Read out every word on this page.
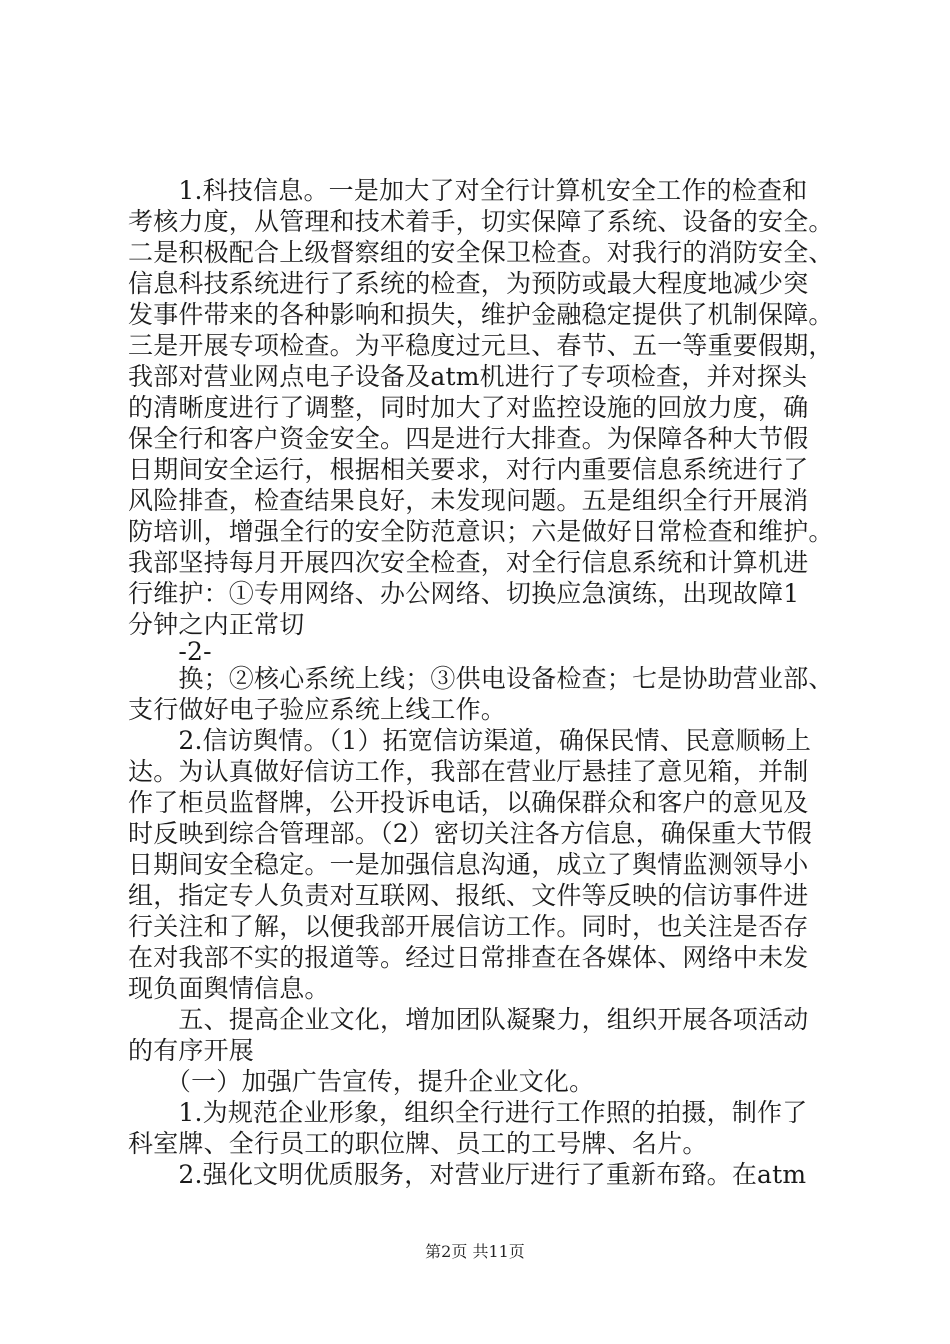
　　1.科技信息。一是加大了对全行计算机安全工作的检查和
考核力度，从管理和技术着手，切实保障了系统、设备的安全。
二是积极配合上级督察组的安全保卫检查。对我行的消防安全、
信息科技系统进行了系统的检查，为预防或最大程度地减少突
发事件带来的各种影响和损失，维护金融稳定提供了机制保障。
三是开展专项检查。为平稳度过元旦、春节、五一等重要假期，
我部对营业网点电子设备及atm机进行了专项检查，并对探头
的清晰度进行了调整，同时加大了对监控设施的回放力度，确
保全行和客户资金安全。四是进行大排查。为保障各种大节假
日期间安全运行，根据相关要求，对行内重要信息系统进行了
风险排查，检查结果良好，未发现问题。五是组织全行开展消
防培训，增强全行的安全防范意识；六是做好日常检查和维护。
我部坚持每月开展四次安全检查，对全行信息系统和计算机进
行维护：①专用网络、办公网络、切换应急演练，出现故障1
分钟之内正常切
　　-2-
　　换；②核心系统上线；③供电设备检查；七是协助营业部、
支行做好电子验应系统上线工作。
　　2.信访舆情。（1）拓宽信访渠道，确保民情、民意顺畅上
达。为认真做好信访工作，我部在营业厅悬挂了意见箱，并制
作了柜员监督牌，公开投诉电话，以确保群众和客户的意见及
时反映到综合管理部。（2）密切关注各方信息，确保重大节假
日期间安全稳定。一是加强信息沟通，成立了舆情监测领导小
组，指定专人负责对互联网、报纸、文件等反映的信访事件进
行关注和了解，以便我部开展信访工作。同时，也关注是否存
在对我部不实的报道等。经过日常排查在各媒体、网络中未发
现负面舆情信息。
　　五、提高企业文化，增加团队凝聚力，组织开展各项活动
的有序开展
　　（一）加强广告宣传，提升企业文化。
　　1.为规范企业形象，组织全行进行工作照的拍摄，制作了
科室牌、全行员工的职位牌、员工的工号牌、名片。
　　2.强化文明优质服务，对营业厅进行了重新布臵。在atm
第2页 共11页
